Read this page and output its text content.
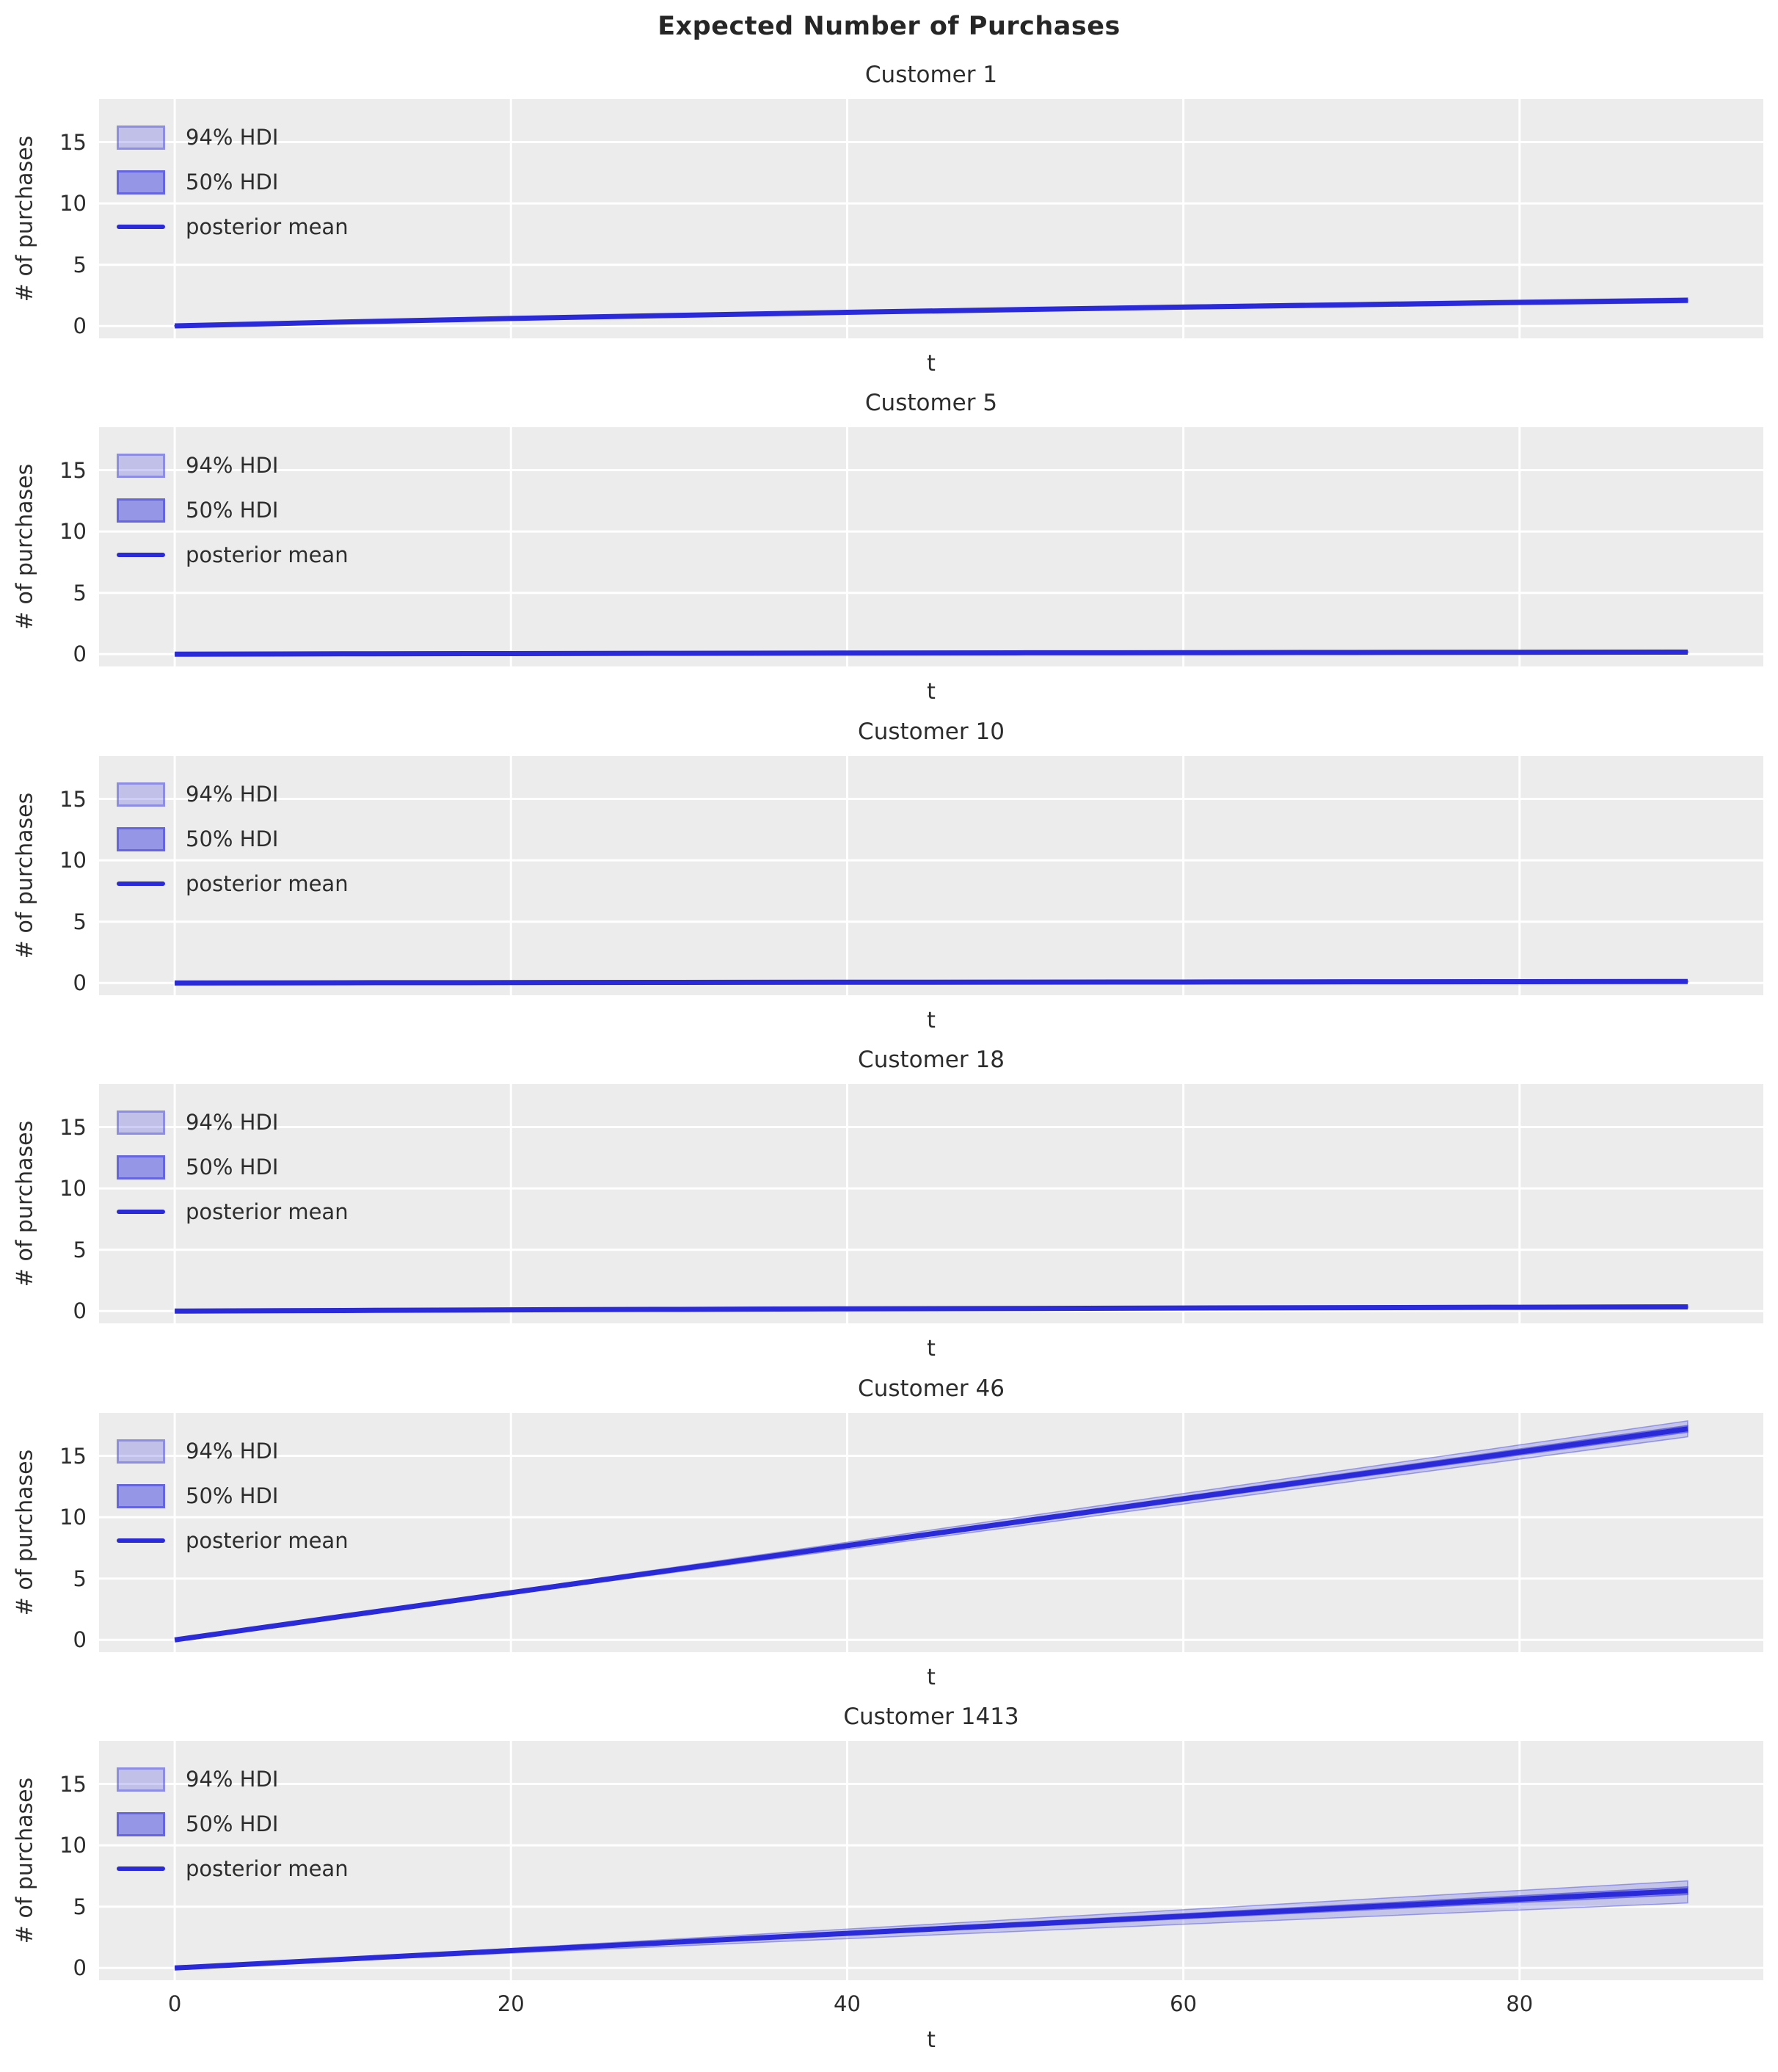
Expected Number of Purchases
Customer 1
# of purchases
0
5
10
15	94% HDI
50% HDI
posterior mean
t
Customer 5
# of purchases
0
5
10
15	94% HDI
50% HDI
posterior mean
t
Customer 10
# of purchases
0
5
10
15	94% HDI
50% HDI
posterior mean
t
Customer 18
# of purchases
0
5
10
15	94% HDI
50% HDI
posterior mean
t
Customer 46
# of purchases
0
5
10
15	94% HDI
50% HDI
posterior mean
t
Customer 1413
# of purchases
0
5
10
15	94% HDI
50% HDI
posterior mean
0	20	40	60	80
t
